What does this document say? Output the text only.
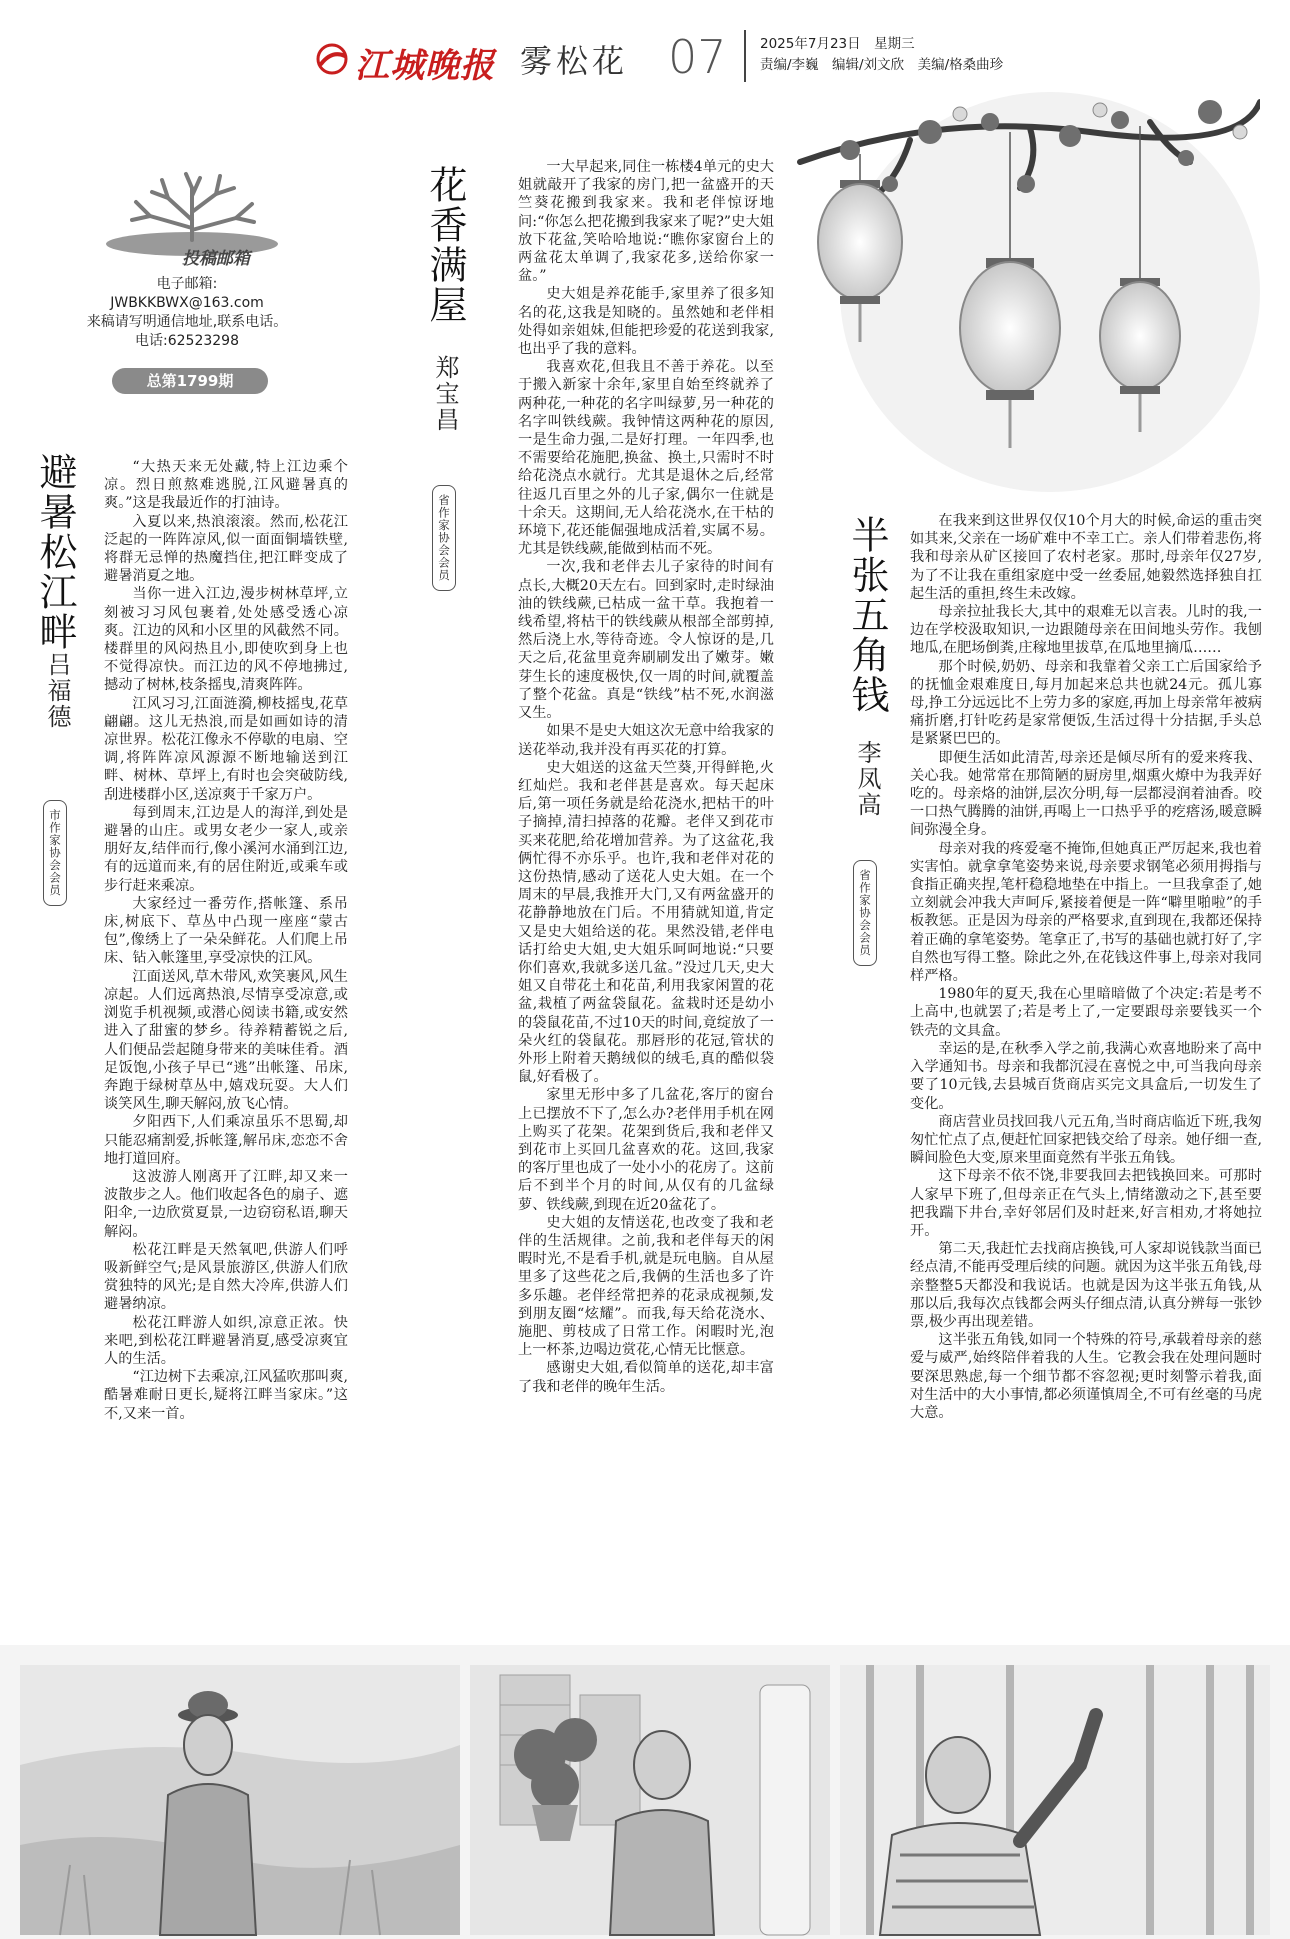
江城晚报 雾松花 07 2025年7月23日　星期三
责编/李巍　编辑/刘文欣　美编/格桑曲珍
投稿邮箱
电子邮箱:
JWBKKBWX@163.com
来稿请写明通信地址,联系电话。
电话:62523298
总第1799期
避暑松江畔
吕福德
市作家协会会员

“大热天来无处藏,特上江边乘个凉。烈日煎熬难逃脱,江风避暑真的爽。”这是我最近作的打油诗。

入夏以来,热浪滚滚。然而,松花江泛起的一阵阵凉风,似一面面铜墙铁壁,将群无忌惮的热魔挡住,把江畔变成了避暑消夏之地。

当你一进入江边,漫步树林草坪,立刻被习习风包裹着,处处感受透心凉爽。江边的风和小区里的风截然不同。楼群里的风闷热且小,即使吹到身上也不觉得凉快。而江边的风不停地拂过,撼动了树林,枝条摇曳,清爽阵阵。

江风习习,江面涟漪,柳枝摇曳,花草翩翩。这儿无热浪,而是如画如诗的清凉世界。松花江像永不停歇的电扇、空调,将阵阵凉风源源不断地输送到江畔、树林、草坪上,有时也会突破防线,刮进楼群小区,送凉爽于千家万户。

每到周末,江边是人的海洋,到处是避暑的山庄。或男女老少一家人,或亲朋好友,结伴而行,像小溪河水涌到江边,有的远道而来,有的居住附近,或乘车或步行赶来乘凉。

大家经过一番劳作,搭帐篷、系吊床,树底下、草丛中凸现一座座“蒙古包”,像绣上了一朵朵鲜花。人们爬上吊床、钻入帐篷里,享受凉快的江风。

江面送风,草木带风,欢笑裹风,风生凉起。人们远离热浪,尽情享受凉意,或浏览手机视频,或潜心阅读书籍,或安然进入了甜蜜的梦乡。待养精蓄锐之后,人们便品尝起随身带来的美味佳肴。酒足饭饱,小孩子早已“逃”出帐篷、吊床,奔跑于绿树草丛中,嬉戏玩耍。大人们谈笑风生,聊天解闷,放飞心情。

夕阳西下,人们乘凉虽乐不思蜀,却只能忍痛割爱,拆帐篷,解吊床,恋恋不舍地打道回府。

这波游人刚离开了江畔,却又来一波散步之人。他们收起各色的扇子、遮阳伞,一边欣赏夏景,一边窃窃私语,聊天解闷。

松花江畔是天然氧吧,供游人们呼吸新鲜空气;是风景旅游区,供游人们欣赏独特的风光;是自然大冷库,供游人们避暑纳凉。

松花江畔游人如织,凉意正浓。快来吧,到松花江畔避暑消夏,感受凉爽宜人的生活。

“江边树下去乘凉,江风猛吹那叫爽,酷暑难耐日更长,疑将江畔当家床。”这不,又来一首。

花香满屋
郑宝昌
省作家协会会员

一大早起来,同住一栋楼4单元的史大姐就敲开了我家的房门,把一盆盛开的天竺葵花搬到我家来。我和老伴惊讶地问:“你怎么把花搬到我家来了呢?”史大姐放下花盆,笑哈哈地说:“瞧你家窗台上的两盆花太单调了,我家花多,送给你家一盆。”

史大姐是养花能手,家里养了很多知名的花,这我是知晓的。虽然她和老伴相处得如亲姐妹,但能把珍爱的花送到我家,也出乎了我的意料。

我喜欢花,但我且不善于养花。以至于搬入新家十余年,家里自始至终就养了两种花,一种花的名字叫绿萝,另一种花的名字叫铁线蕨。我钟情这两种花的原因,一是生命力强,二是好打理。一年四季,也不需要给花施肥,换盆、换土,只需时不时给花浇点水就行。尤其是退休之后,经常往返几百里之外的儿子家,偶尔一住就是十余天。这期间,无人给花浇水,在干枯的环境下,花还能倔强地成活着,实属不易。尤其是铁线蕨,能做到枯而不死。

一次,我和老伴去儿子家待的时间有点长,大概20天左右。回到家时,走时绿油油的铁线蕨,已枯成一盆干草。我抱着一线希望,将枯干的铁线蕨从根部全部剪掉,然后浇上水,等待奇迹。令人惊讶的是,几天之后,花盆里竟奔刷刷发出了嫩芽。嫩芽生长的速度极快,仅一周的时间,就覆盖了整个花盆。真是“铁线”枯不死,水润滋又生。

如果不是史大姐这次无意中给我家的送花举动,我并没有再买花的打算。

史大姐送的这盆天竺葵,开得鲜艳,火红灿烂。我和老伴甚是喜欢。每天起床后,第一项任务就是给花浇水,把枯干的叶子摘掉,清扫掉落的花瓣。老伴又到花市买来花肥,给花增加营养。为了这盆花,我俩忙得不亦乐乎。也许,我和老伴对花的这份热情,感动了送花人史大姐。在一个周末的早晨,我推开大门,又有两盆盛开的花静静地放在门后。不用猜就知道,肯定又是史大姐给送的花。果然没错,老伴电话打给史大姐,史大姐乐呵呵地说:“只要你们喜欢,我就多送几盆。”没过几天,史大姐又自带花土和花苗,利用我家闲置的花盆,栽植了两盆袋鼠花。盆栽时还是幼小的袋鼠花苗,不过10天的时间,竟绽放了一朵火红的袋鼠花。那唇形的花冠,管状的外形上附着天鹅绒似的绒毛,真的酷似袋鼠,好看极了。

家里无形中多了几盆花,客厅的窗台上已摆放不下了,怎么办?老伴用手机在网上购买了花架。花架到货后,我和老伴又到花市上买回几盆喜欢的花。这回,我家的客厅里也成了一处小小的花房了。这前后不到半个月的时间,从仅有的几盆绿萝、铁线蕨,到现在近20盆花了。

史大姐的友情送花,也改变了我和老伴的生活规律。之前,我和老伴每天的闲暇时光,不是看手机,就是玩电脑。自从屋里多了这些花之后,我俩的生活也多了许多乐趣。老伴经常把养的花录成视频,发到朋友圈“炫耀”。而我,每天给花浇水、施肥、剪枝成了日常工作。闲暇时光,泡上一杯茶,边喝边赏花,心情无比惬意。

感谢史大姐,看似简单的送花,却丰富了我和老伴的晚年生活。

半张五角钱
李凤高
省作家协会会员

在我来到这世界仅仅10个月大的时候,命运的重击突如其来,父亲在一场矿难中不幸工亡。亲人们带着悲伤,将我和母亲从矿区接回了农村老家。那时,母亲年仅27岁,为了不让我在重组家庭中受一丝委屈,她毅然选择独自扛起生活的重担,终生未改嫁。

母亲拉扯我长大,其中的艰难无以言表。儿时的我,一边在学校汲取知识,一边跟随母亲在田间地头劳作。我刨地瓜,在肥场倒粪,庄稼地里拔草,在瓜地里摘瓜……

那个时候,奶奶、母亲和我靠着父亲工亡后国家给予的抚恤金艰难度日,每月加起来总共也就24元。孤儿寡母,挣工分远远比不上劳力多的家庭,再加上母亲常年被病痛折磨,打针吃药是家常便饭,生活过得十分拮据,手头总是紧紧巴巴的。

即便生活如此清苦,母亲还是倾尽所有的爱来疼我、关心我。她常常在那简陋的厨房里,烟熏火燎中为我弄好吃的。母亲烙的油饼,层次分明,每一层都浸润着油香。咬一口热气腾腾的油饼,再喝上一口热乎乎的疙瘩汤,暖意瞬间弥漫全身。

母亲对我的疼爱毫不掩饰,但她真正严厉起来,我也着实害怕。就拿拿笔姿势来说,母亲要求钢笔必须用拇指与食指正确夹捏,笔杆稳稳地垫在中指上。一旦我拿歪了,她立刻就会冲我大声呵斥,紧接着便是一阵“噼里啪啦”的手板教惩。正是因为母亲的严格要求,直到现在,我都还保持着正确的拿笔姿势。笔拿正了,书写的基础也就打好了,字自然也写得工整。除此之外,在花钱这件事上,母亲对我同样严格。

1980年的夏天,我在心里暗暗做了个决定:若是考不上高中,也就罢了;若是考上了,一定要跟母亲要钱买一个铁壳的文具盒。

幸运的是,在秋季入学之前,我满心欢喜地盼来了高中入学通知书。母亲和我都沉浸在喜悦之中,可当我向母亲要了10元钱,去县城百货商店买完文具盒后,一切发生了变化。

商店营业员找回我八元五角,当时商店临近下班,我匆匆忙忙点了点,便赶忙回家把钱交给了母亲。她仔细一查,瞬间脸色大变,原来里面竟然有半张五角钱。

这下母亲不依不饶,非要我回去把钱换回来。可那时人家早下班了,但母亲正在气头上,情绪激动之下,甚至要把我踹下井台,幸好邻居们及时赶来,好言相劝,才将她拉开。

第二天,我赶忙去找商店换钱,可人家却说钱款当面已经点清,不能再受理后续的问题。就因为这半张五角钱,母亲整整5天都没和我说话。也就是因为这半张五角钱,从那以后,我每次点钱都会两头仔细点清,认真分辨每一张钞票,极少再出现差错。

这半张五角钱,如同一个特殊的符号,承载着母亲的慈爱与威严,始终陪伴着我的人生。它教会我在处理问题时要深思熟虑,每一个细节都不容忽视;更时刻警示着我,面对生活中的大小事情,都必须谨慎周全,不可有丝毫的马虎大意。
